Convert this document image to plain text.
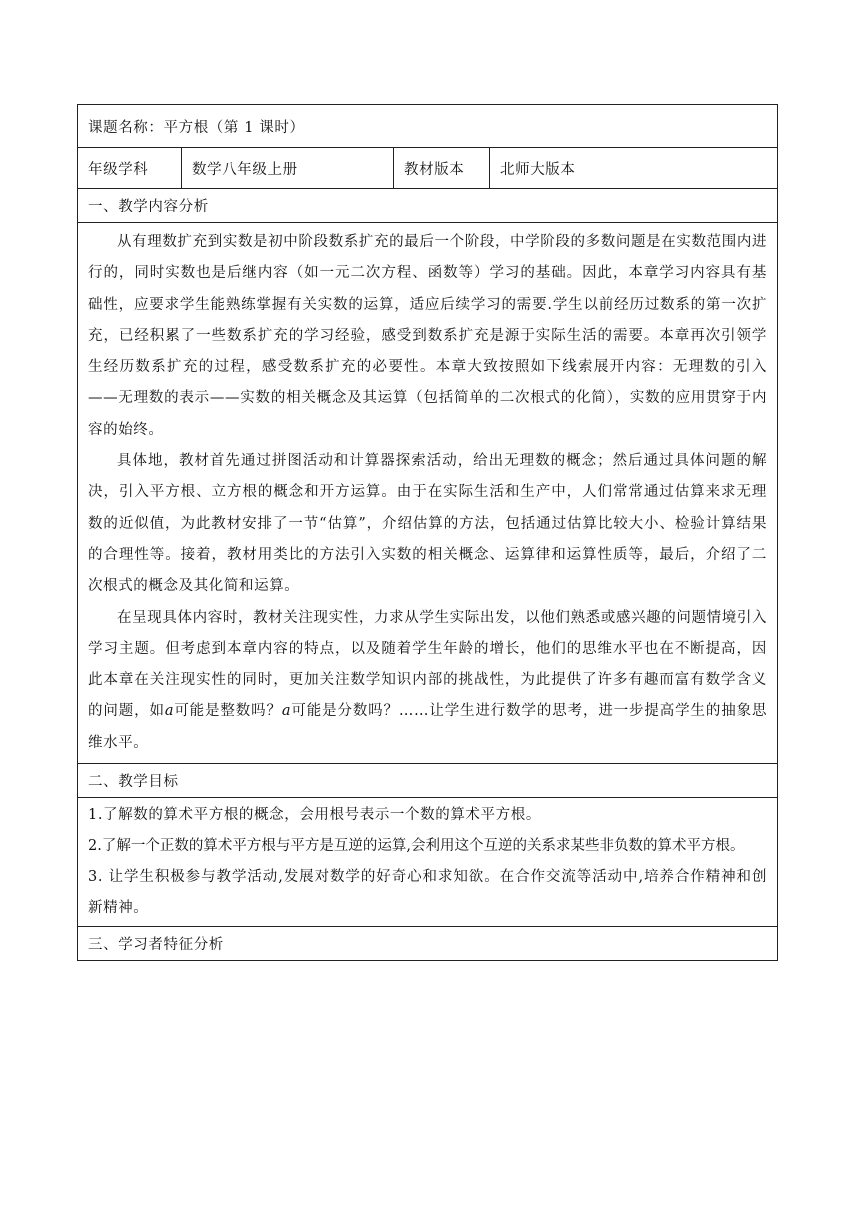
课题名称：平方根（第 1 课时）
年级学科	数学八年级上册	教材版本	北师大版本
一、教学内容分析

从有理数扩充到实数是初中阶段数系扩充的最后一个阶段，中学阶段的多数问题是在实数范围内进行的，同时实数也是后继内容（如一元二次方程、函数等）学习的基础。因此，本章学习内容具有基础性，应要求学生能熟练掌握有关实数的运算，适应后续学习的需要.学生以前经历过数系的第一次扩充，已经积累了一些数系扩充的学习经验，感受到数系扩充是源于实际生活的需要。本章再次引领学生经历数系扩充的过程，感受数系扩充的必要性。本章大致按照如下线索展开内容：无理数的引入——无理数的表示——实数的相关概念及其运算（包括简单的二次根式的化简），实数的应用贯穿于内容的始终。

具体地，教材首先通过拼图活动和计算器探索活动，给出无理数的概念；然后通过具体问题的解决，引入平方根、立方根的概念和开方运算。由于在实际生活和生产中，人们常常通过估算来求无理数的近似值，为此教材安排了一节“估算”，介绍估算的方法，包括通过估算比较大小、检验计算结果的合理性等。接着，教材用类比的方法引入实数的相关概念、运算律和运算性质等，最后，介绍了二次根式的概念及其化简和运算。

在呈现具体内容时，教材关注现实性，力求从学生实际出发，以他们熟悉或感兴趣的问题情境引入学习主题。但考虑到本章内容的特点，以及随着学生年龄的增长，他们的思维水平也在不断提高，因此本章在关注现实性的同时，更加关注数学知识内部的挑战性，为此提供了许多有趣而富有数学含义的问题，如a可能是整数吗？a可能是分数吗？……让学生进行数学的思考，进一步提高学生的抽象思维水平。

二、教学目标

1.了解数的算术平方根的概念，会用根号表示一个数的算术平方根。

2.了解一个正数的算术平方根与平方是互逆的运算,会利用这个互逆的关系求某些非负数的算术平方根。

3. 让学生积极参与教学活动,发展对数学的好奇心和求知欲。在合作交流等活动中,培养合作精神和创新精神。

三、学习者特征分析
